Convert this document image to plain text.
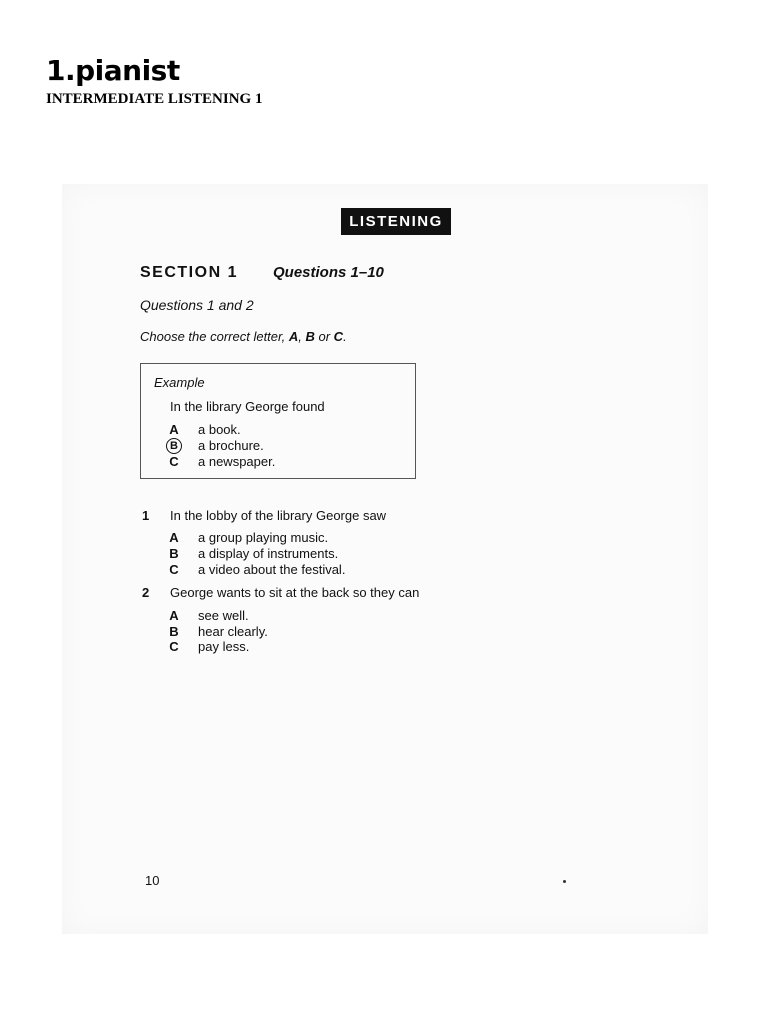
1.pianist
INTERMEDIATE LISTENING 1
LISTENING
SECTION 1 Questions 1–10
Questions 1 and 2
Choose the correct letter, A, B or C.
Example
In the library George found
A a book.
B a brochure.
C a newspaper.
1 In the lobby of the library George saw
A a group playing music.
B a display of instruments.
C a video about the festival.
2 George wants to sit at the back so they can
A see well.
B hear clearly.
C pay less.
10
